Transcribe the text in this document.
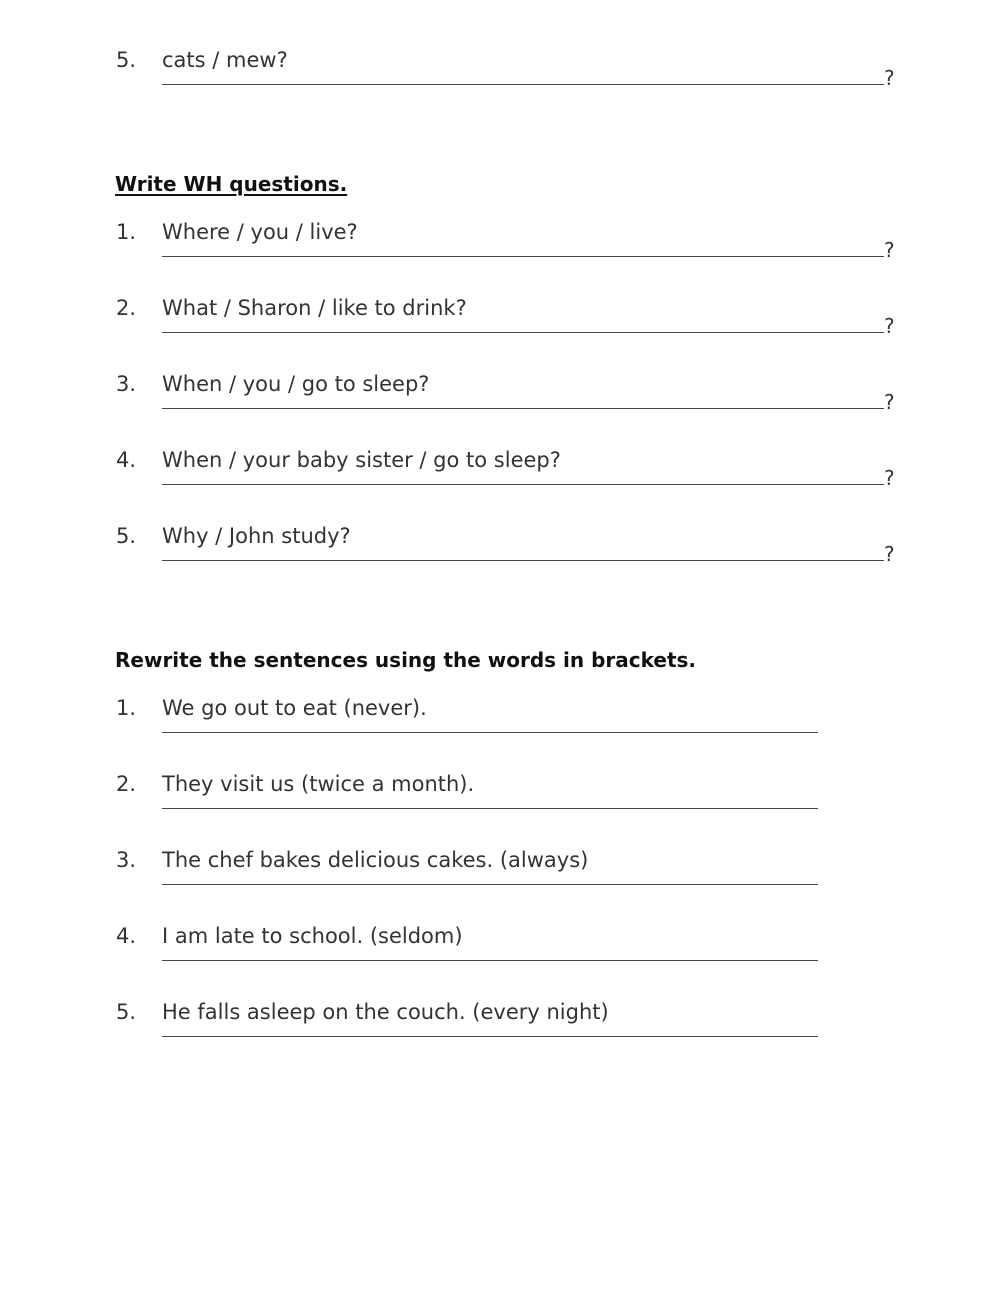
5. cats / mew?
?
Write WH questions.
1. Where / you / live?
?
2. What / Sharon / like to drink?
?
3. When / you / go to sleep?
?
4. When / your baby sister / go to sleep?
?
5. Why / John study?
?
Rewrite the sentences using the words in brackets.
1. We go out to eat (never).
2. They visit us (twice a month).
3. The chef bakes delicious cakes. (always)
4. I am late to school. (seldom)
5. He falls asleep on the couch. (every night)
